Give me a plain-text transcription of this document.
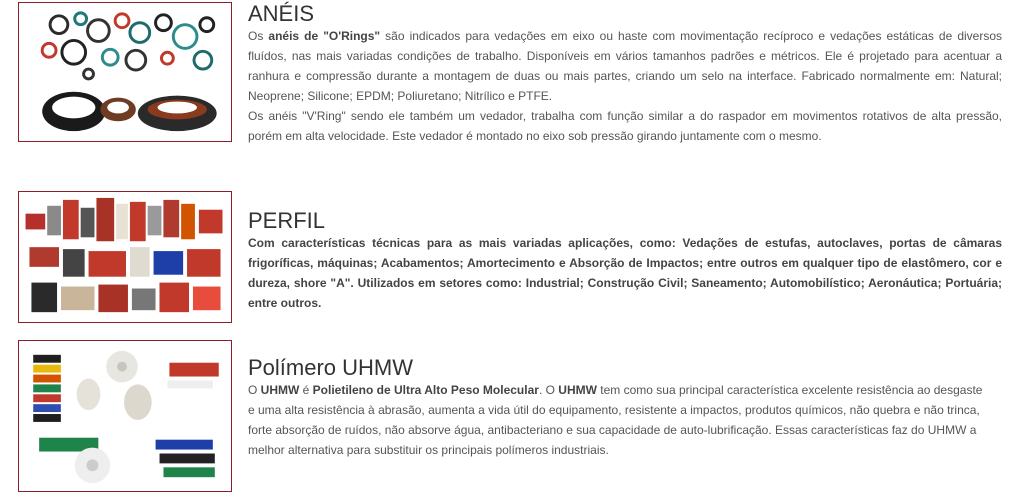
ANÉIS

Os anéis de "O'Rings" são indicados para vedações em eixo ou haste com movimentação recíproco e vedações estáticas de diversos fluídos, nas mais variadas condições de trabalho. Disponíveis em vários tamanhos padrões e métricos. Ele é projetado para acentuar a ranhura e compressão durante a montagem de duas ou mais partes, criando um selo na interface. Fabricado normalmente em: Natural; Neoprene; Silicone; EPDM; Poliuretano; Nitrílico e PTFE.

Os anéis "V'Ring" sendo ele também um vedador, trabalha com função similar a do raspador em movimentos rotativos de alta pressão, porém em alta velocidade. Este vedador é montado no eixo sob pressão girando juntamente com o mesmo.

PERFIL

Com características técnicas para as mais variadas aplicações, como: Vedações de estufas, autoclaves, portas de câmaras frigoríficas, máquinas; Acabamentos; Amortecimento e Absorção de Impactos; entre outros em qualquer tipo de elastômero, cor e dureza, shore "A". Utilizados em setores como: Industrial; Construção Civil; Saneamento; Automobilístico; Aeronáutica; Portuária; entre outros.

Polímero UHMW

O UHMW é Polietileno de Ultra Alto Peso Molecular. O UHMW tem como sua principal característica excelente resistência ao desgaste e uma alta resistência à abrasão, aumenta a vida útil do equipamento, resistente a impactos, produtos químicos, não quebra e não trinca, forte absorção de ruídos, não absorve água, antibacteriano e sua capacidade de auto-lubrificação. Essas características faz do UHMW a melhor alternativa para substituir os principais polímeros industriais.
